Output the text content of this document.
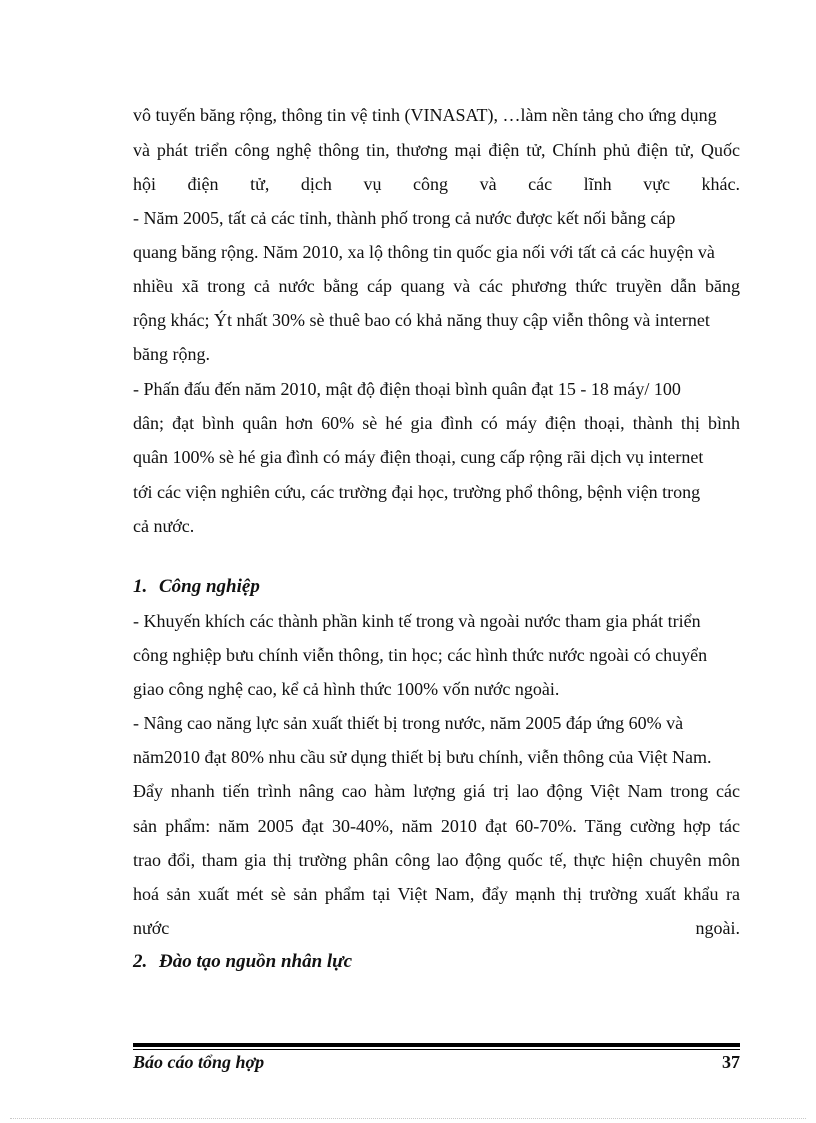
vô tuyến băng rộng, thông tin vệ tinh (VINASAT), …làm nền tảng cho ứng dụng
và phát triển công nghệ thông tin, thương mại điện tử, Chính phủ điện tử, Quốc
hội điện tử, dịch vụ công và các lĩnh vực khác.
- Năm 2005, tất cả các tỉnh, thành phố trong cả nước được kết nối bằng cáp
quang băng rộng. Năm 2010, xa lộ thông tin quốc gia nối với tất cả các huyện và
nhiều xã trong cả nước bằng cáp quang và các phương thức truyền dẫn băng
rộng khác; Ýt nhất 30% sè thuê bao có khả năng thuy cập viễn thông và internet
băng rộng.
- Phấn đấu đến năm 2010, mật độ điện thoại bình quân đạt 15 - 18 máy/ 100
dân; đạt bình quân hơn 60% sè hé gia đình có máy điện thoại, thành thị bình
quân 100% sè hé gia đình có máy điện thoại, cung cấp rộng rãi dịch vụ internet
tới các viện nghiên cứu, các trường đại học, trường phổ thông, bệnh viện trong
cả nước.
1. Công nghiệp
- Khuyến khích các thành phần kinh tế trong và ngoài nước tham gia phát triển
công nghiệp bưu chính viễn thông, tin học; các hình thức nước ngoài có chuyển
giao công nghệ cao, kể cả hình thức 100% vốn nước ngoài.
- Nâng cao năng lực sản xuất thiết bị trong nước, năm 2005 đáp ứng 60% và
năm2010 đạt 80% nhu cầu sử dụng thiết bị bưu chính, viễn thông của Việt Nam.
Đẩy nhanh tiến trình nâng cao hàm lượng giá trị lao động Việt Nam trong các
sản phẩm: năm 2005 đạt 30-40%, năm 2010 đạt 60-70%. Tăng cường hợp tác
trao đổi, tham gia thị trường phân công lao động quốc tế, thực hiện chuyên môn
hoá sản xuất mét sè sản phẩm tại Việt Nam, đẩy mạnh thị trường xuất khẩu ra
nước	ngoài.
2. Đào tạo nguồn nhân lực
Báo cáo tổng hợp	37
